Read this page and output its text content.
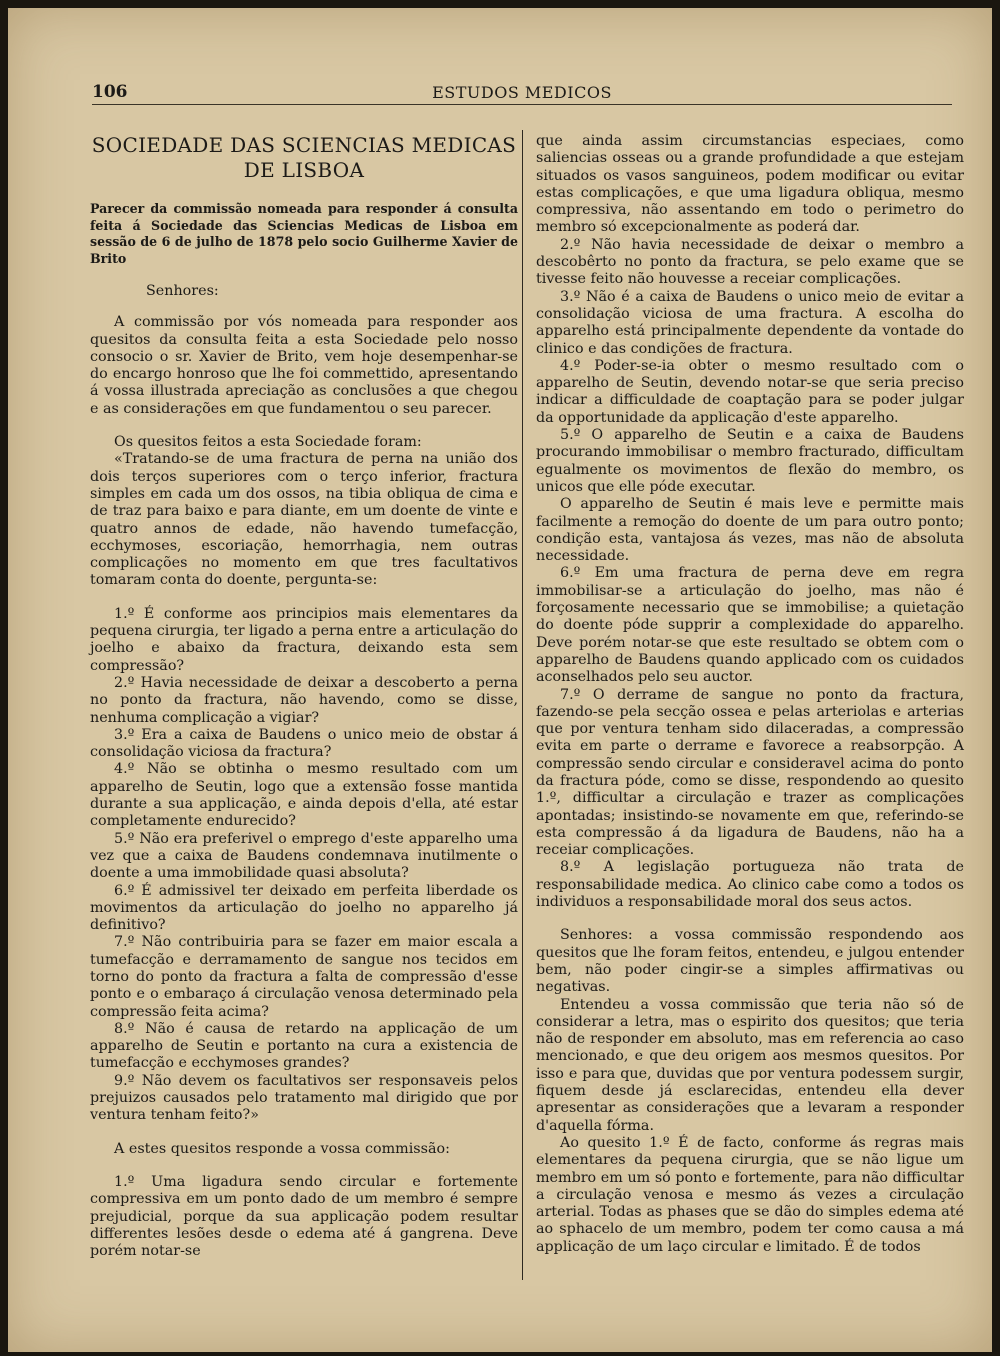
106	ESTUDOS MEDICOS
SOCIEDADE DAS SCIENCIAS MEDICAS
DE LISBOA

Parecer da commissão nomeada para responder á consulta feita á Sociedade das Sciencias Medicas de Lisboa em sessão de 6 de julho de 1878 pelo socio Guilherme Xavier de Brito

Senhores:

A commissão por vós nomeada para responder aos quesitos da consulta feita a esta Sociedade pelo nosso consocio o sr. Xavier de Brito, vem hoje desempenhar-se do encargo honroso que lhe foi commettido, apresentando á vossa illustrada apreciação as conclusões a que chegou e as considerações em que fundamentou o seu parecer.

Os quesitos feitos a esta Sociedade foram:

«Tratando-se de uma fractura de perna na união dos dois terços superiores com o terço inferior, fractura simples em cada um dos ossos, na tibia obliqua de cima e de traz para baixo e para diante, em um doente de vinte e quatro annos de edade, não havendo tumefacção, ecchymoses, escoriação, hemorrhagia, nem outras complicações no momento em que tres facultativos tomaram conta do doente, pergunta-se:

1.º É conforme aos principios mais elementares da pequena cirurgia, ter ligado a perna entre a articulação do joelho e abaixo da fractura, deixando esta sem compressão?

2.º Havia necessidade de deixar a descoberto a perna no ponto da fractura, não havendo, como se disse, nenhuma complicação a vigiar?

3.º Era a caixa de Baudens o unico meio de obstar á consolidação viciosa da fractura?

4.º Não se obtinha o mesmo resultado com um apparelho de Seutin, logo que a extensão fosse mantida durante a sua applicação, e ainda depois d'ella, até estar completamente endurecido?

5.º Não era preferivel o emprego d'este apparelho uma vez que a caixa de Baudens condemnava inutilmente o doente a uma immobilidade quasi absoluta?

6.º É admissivel ter deixado em perfeita liberdade os movimentos da articulação do joelho no apparelho já definitivo?

7.º Não contribuiria para se fazer em maior escala a tumefacção e derramamento de sangue nos tecidos em torno do ponto da fractura a falta de compressão d'esse ponto e o embaraço á circulação venosa determinado pela compressão feita acima?

8.º Não é causa de retardo na applicação de um apparelho de Seutin e portanto na cura a existencia de tumefacção e ecchymoses grandes?

9.º Não devem os facultativos ser responsaveis pelos prejuizos causados pelo tratamento mal dirigido que por ventura tenham feito?»

A estes quesitos responde a vossa commissão:

1.º Uma ligadura sendo circular e fortemente compressiva em um ponto dado de um membro é sempre prejudicial, porque da sua applicação podem resultar differentes lesões desde o edema até á gangrena. Deve porém notar-se

que ainda assim circumstancias especiaes, como saliencias osseas ou a grande profundidade a que estejam situados os vasos sanguineos, podem modificar ou evitar estas complicações, e que uma ligadura obliqua, mesmo compressiva, não assentando em todo o perimetro do membro só excepcionalmente as poderá dar.

2.º Não havia necessidade de deixar o membro a descobêrto no ponto da fractura, se pelo exame que se tivesse feito não houvesse a receiar complicações.

3.º Não é a caixa de Baudens o unico meio de evitar a consolidação viciosa de uma fractura. A escolha do apparelho está principalmente dependente da vontade do clinico e das condições de fractura.

4.º Poder-se-ia obter o mesmo resultado com o apparelho de Seutin, devendo notar-se que seria preciso indicar a difficuldade de coaptação para se poder julgar da opportunidade da applicação d'este apparelho.

5.º O apparelho de Seutin e a caixa de Baudens procurando immobilisar o membro fracturado, difficultam egualmente os movimentos de flexão do membro, os unicos que elle póde executar.

O apparelho de Seutin é mais leve e permitte mais facilmente a remoção do doente de um para outro ponto; condição esta, vantajosa ás vezes, mas não de absoluta necessidade.

6.º Em uma fractura de perna deve em regra immobilisar-se a articulação do joelho, mas não é forçosamente necessario que se immobilise; a quietação do doente póde supprir a complexidade do apparelho. Deve porém notar-se que este resultado se obtem com o apparelho de Baudens quando applicado com os cuidados aconselhados pelo seu auctor.

7.º O derrame de sangue no ponto da fractura, fazendo-se pela secção ossea e pelas arteriolas e arterias que por ventura tenham sido dilaceradas, a compressão evita em parte o derrame e favorece a reabsorpção. A compressão sendo circular e consideravel acima do ponto da fractura póde, como se disse, respondendo ao quesito 1.º, difficultar a circulação e trazer as complicações apontadas; insistindo-se novamente em que, referindo-se esta compressão á da ligadura de Baudens, não ha a receiar complicações.

8.º A legislação portugueza não trata de responsabilidade medica. Ao clinico cabe como a todos os individuos a responsabilidade moral dos seus actos.

Senhores: a vossa commissão respondendo aos quesitos que lhe foram feitos, entendeu, e julgou entender bem, não poder cingir-se a simples affirmativas ou negativas.

Entendeu a vossa commissão que teria não só de considerar a letra, mas o espirito dos quesitos; que teria não de responder em absoluto, mas em referencia ao caso mencionado, e que deu origem aos mesmos quesitos. Por isso e para que, duvidas que por ventura podessem surgir, fiquem desde já esclarecidas, entendeu ella dever apresentar as considerações que a levaram a responder d'aquella fórma.

Ao quesito 1.º É de facto, conforme ás regras mais elementares da pequena cirurgia, que se não ligue um membro em um só ponto e fortemente, para não difficultar a circulação venosa e mesmo ás vezes a circulação arterial. Todas as phases que se dão do simples edema até ao sphacelo de um membro, podem ter como causa a má applicação de um laço circular e limitado. É de todos
